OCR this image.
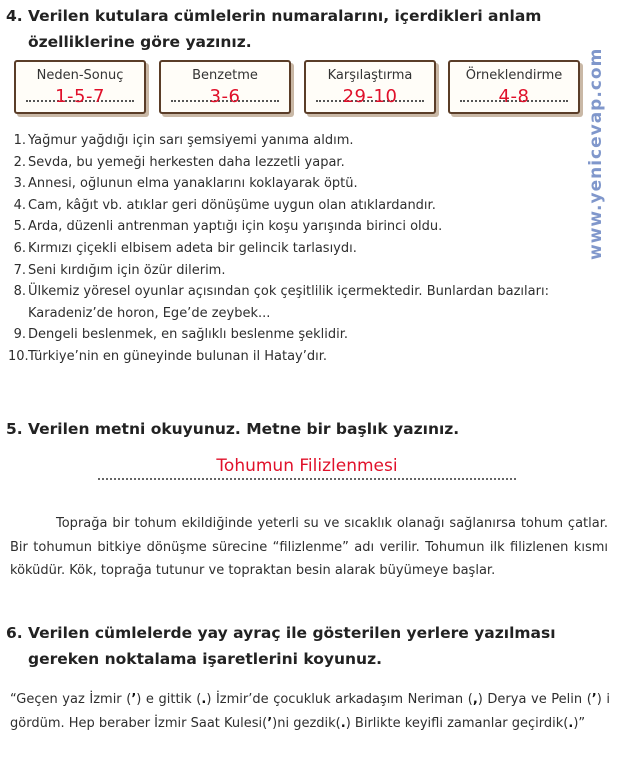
4. Verilen kutulara cümlelerin numaralarını, içerdikleri anlam özelliklerine göre yazınız.
Neden-Sonuç
1-5-7
Benzetme
3-6
Karşılaştırma
29-10
Örneklendirme
4-8
1. Yağmur yağdığı için sarı şemsiyemi yanıma aldım.
2. Sevda, bu yemeği herkesten daha lezzetli yapar.
3. Annesi, oğlunun elma yanaklarını koklayarak öptü.
4. Cam, kâğıt vb. atıklar geri dönüşüme uygun olan atıklardandır.
5. Arda, düzenli antrenman yaptığı için koşu yarışında birinci oldu.
6. Kırmızı çiçekli elbisem adeta bir gelincik tarlasıydı.
7. Seni kırdığım için özür dilerim.
8. Ülkemiz yöresel oyunlar açısından çok çeşitlilik içermektedir. Bunlardan bazıları: Karadeniz’de horon, Ege’de zeybek...
9. Dengeli beslenmek, en sağlıklı beslenme şeklidir.
10. Türkiye’nin en güneyinde bulunan il Hatay’dır.
www.yenicevap.com
5. Verilen metni okuyunuz. Metne bir başlık yazınız.
Tohumun Filizlenmesi

Toprağa bir tohum ekildiğinde yeterli su ve sıcaklık olanağı sağlanırsa tohum çatlar. Bir tohumun bitkiye dönüşme sürecine “filizlenme” adı verilir. Tohumun ilk filizlenen kısmı köküdür. Kök, toprağa tutunur ve topraktan besin alarak büyümeye başlar.

6. Verilen cümlelerde yay ayraç ile gösterilen yerlere yazılması gereken noktalama işaretlerini koyunuz.

“Geçen yaz İzmir (’) e gittik (.) İzmir’de çocukluk arkadaşım Neriman (,) Derya ve Pelin (’) i gördüm. Hep beraber İzmir Saat Kulesi(’)ni gezdik(.) Birlikte keyifli zamanlar geçirdik(.)”
